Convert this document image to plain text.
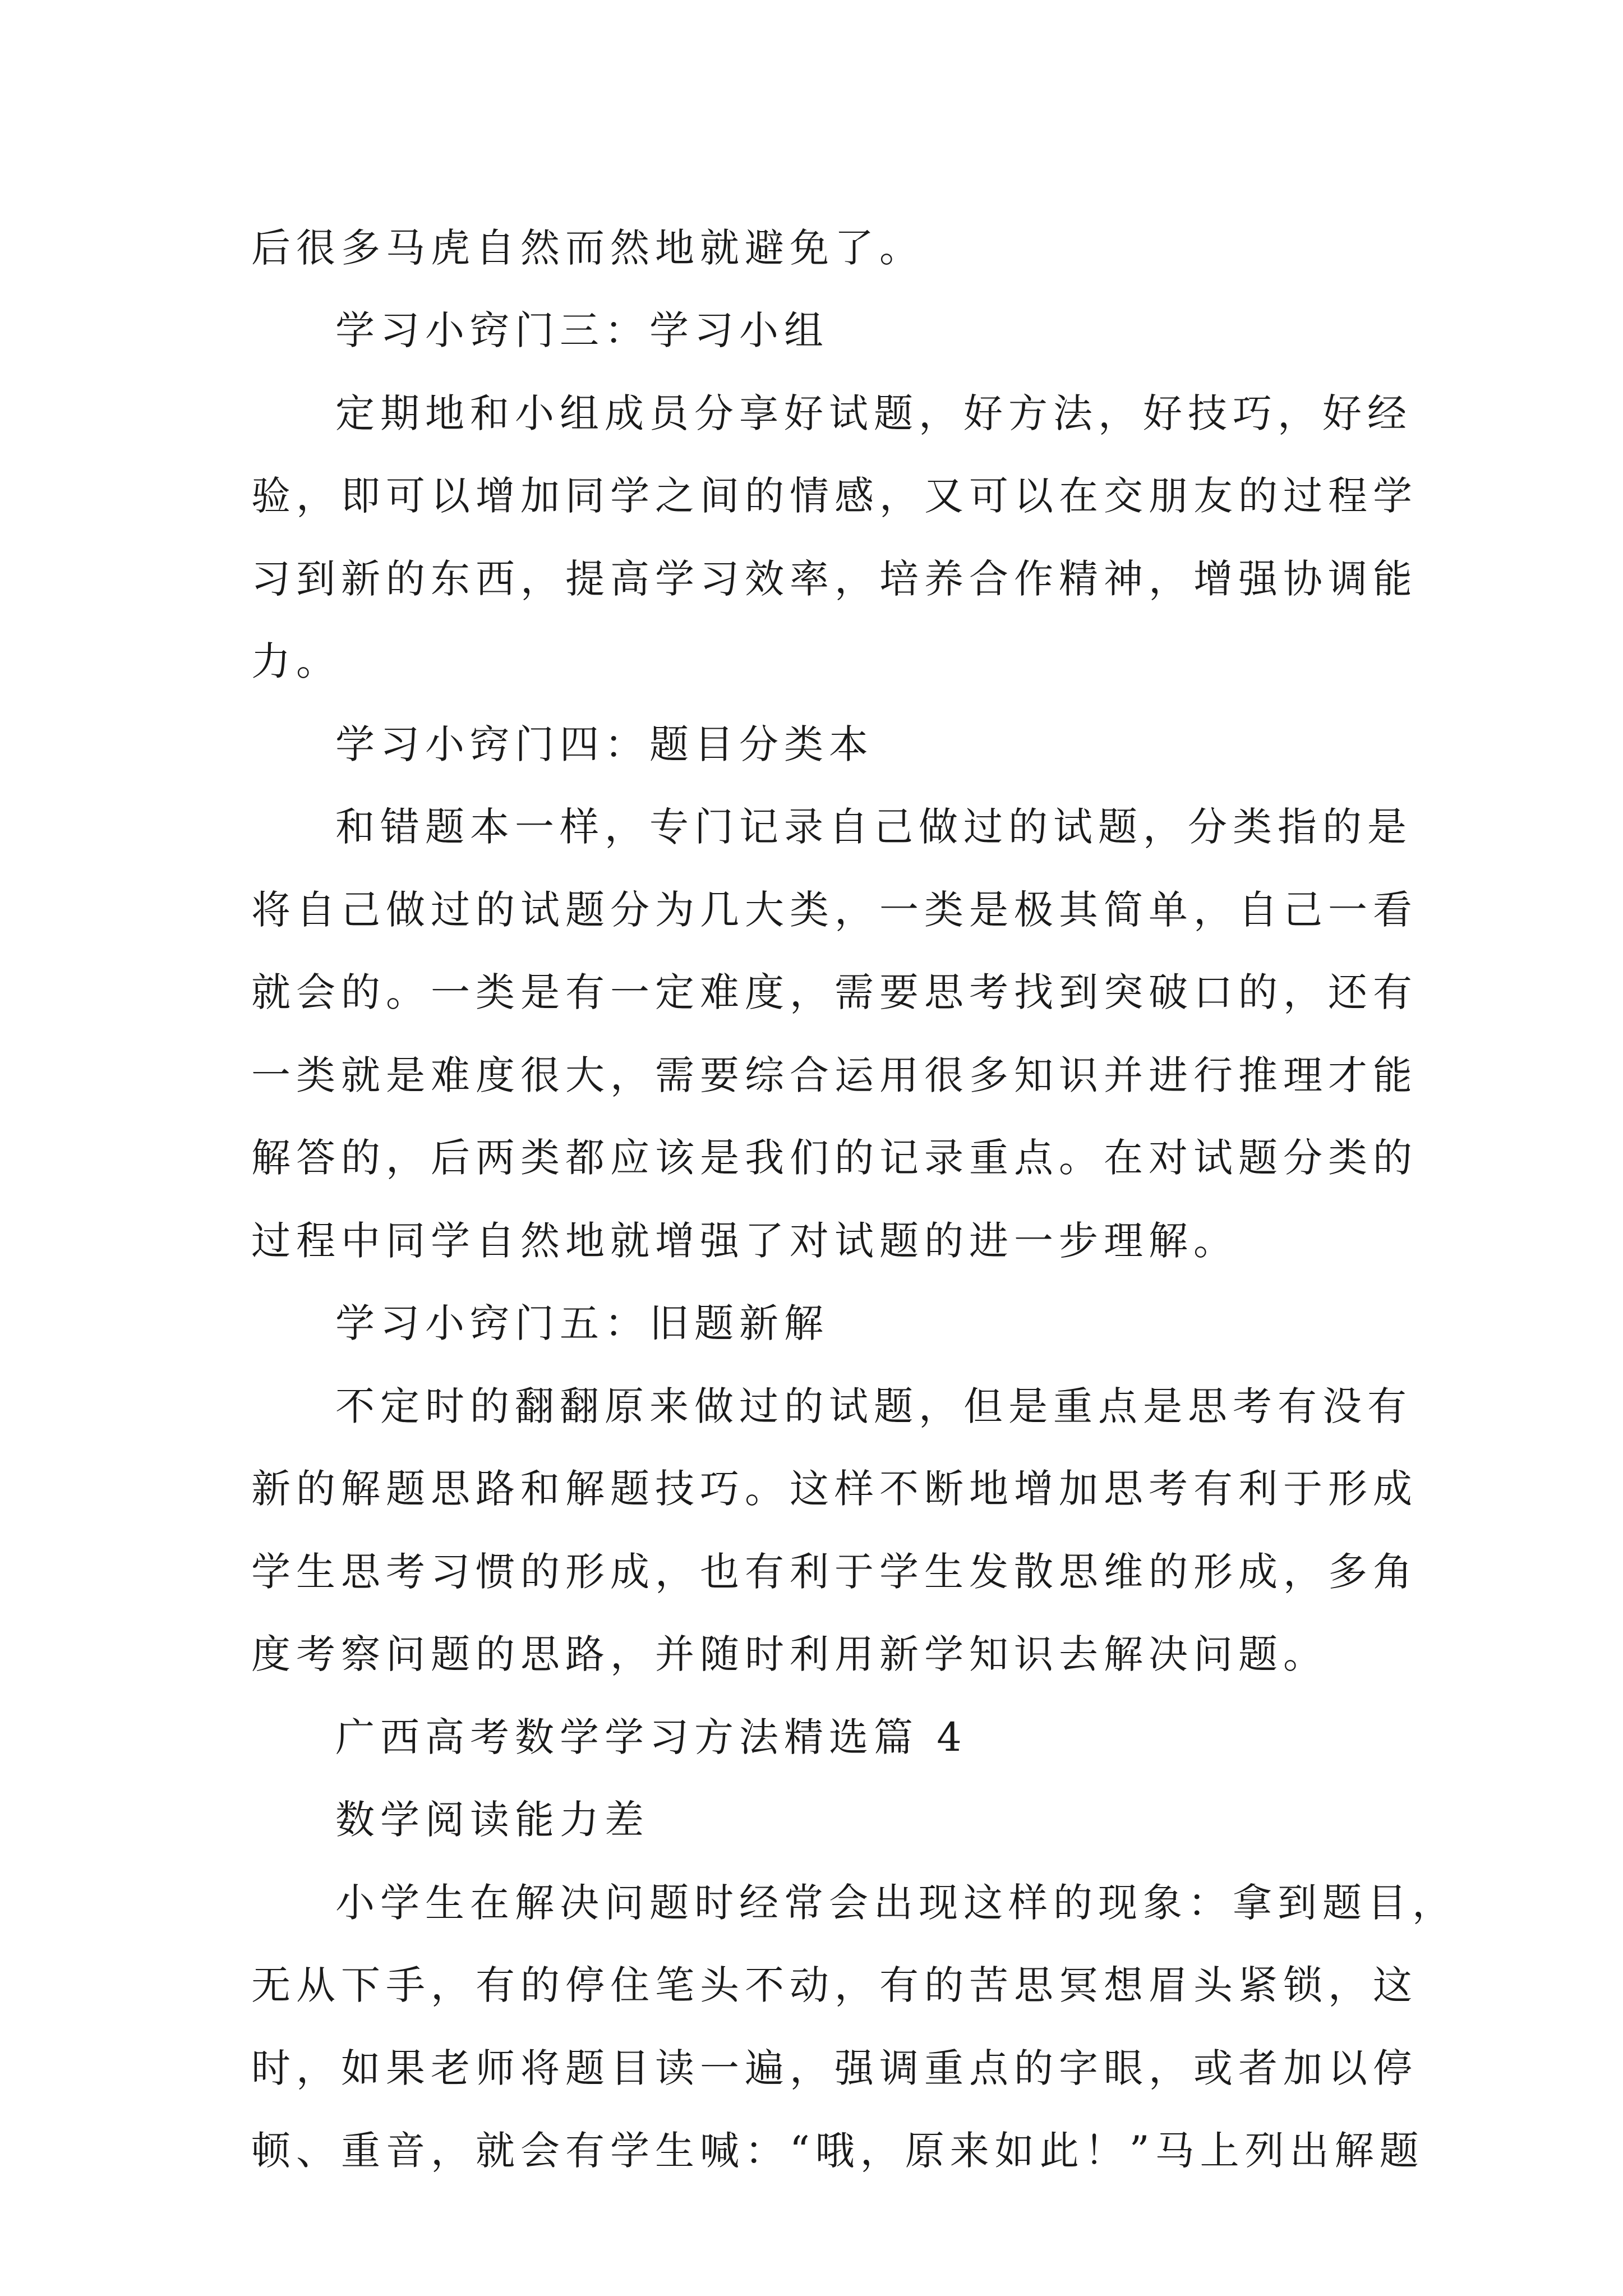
后很多马虎自然而然地就避免了。
学习小窍门三：学习小组
定期地和小组成员分享好试题，好方法，好技巧，好经
验，即可以增加同学之间的情感，又可以在交朋友的过程学
习到新的东西，提高学习效率，培养合作精神，增强协调能
力。
学习小窍门四：题目分类本
和错题本一样，专门记录自己做过的试题，分类指的是
将自己做过的试题分为几大类，一类是极其简单，自己一看
就会的。一类是有一定难度，需要思考找到突破口的，还有
一类就是难度很大，需要综合运用很多知识并进行推理才能
解答的，后两类都应该是我们的记录重点。在对试题分类的
过程中同学自然地就增强了对试题的进一步理解。
学习小窍门五：旧题新解
不定时的翻翻原来做过的试题，但是重点是思考有没有
新的解题思路和解题技巧。这样不断地增加思考有利于形成
学生思考习惯的形成，也有利于学生发散思维的形成，多角
度考察问题的思路，并随时利用新学知识去解决问题。
广西高考数学学习方法精选篇 4
数学阅读能力差
小学生在解决问题时经常会出现这样的现象：拿到题目，
无从下手，有的停住笔头不动，有的苦思冥想眉头紧锁，这
时，如果老师将题目读一遍，强调重点的字眼，或者加以停
顿、重音，就会有学生喊：“哦，原来如此！”马上列出解题
